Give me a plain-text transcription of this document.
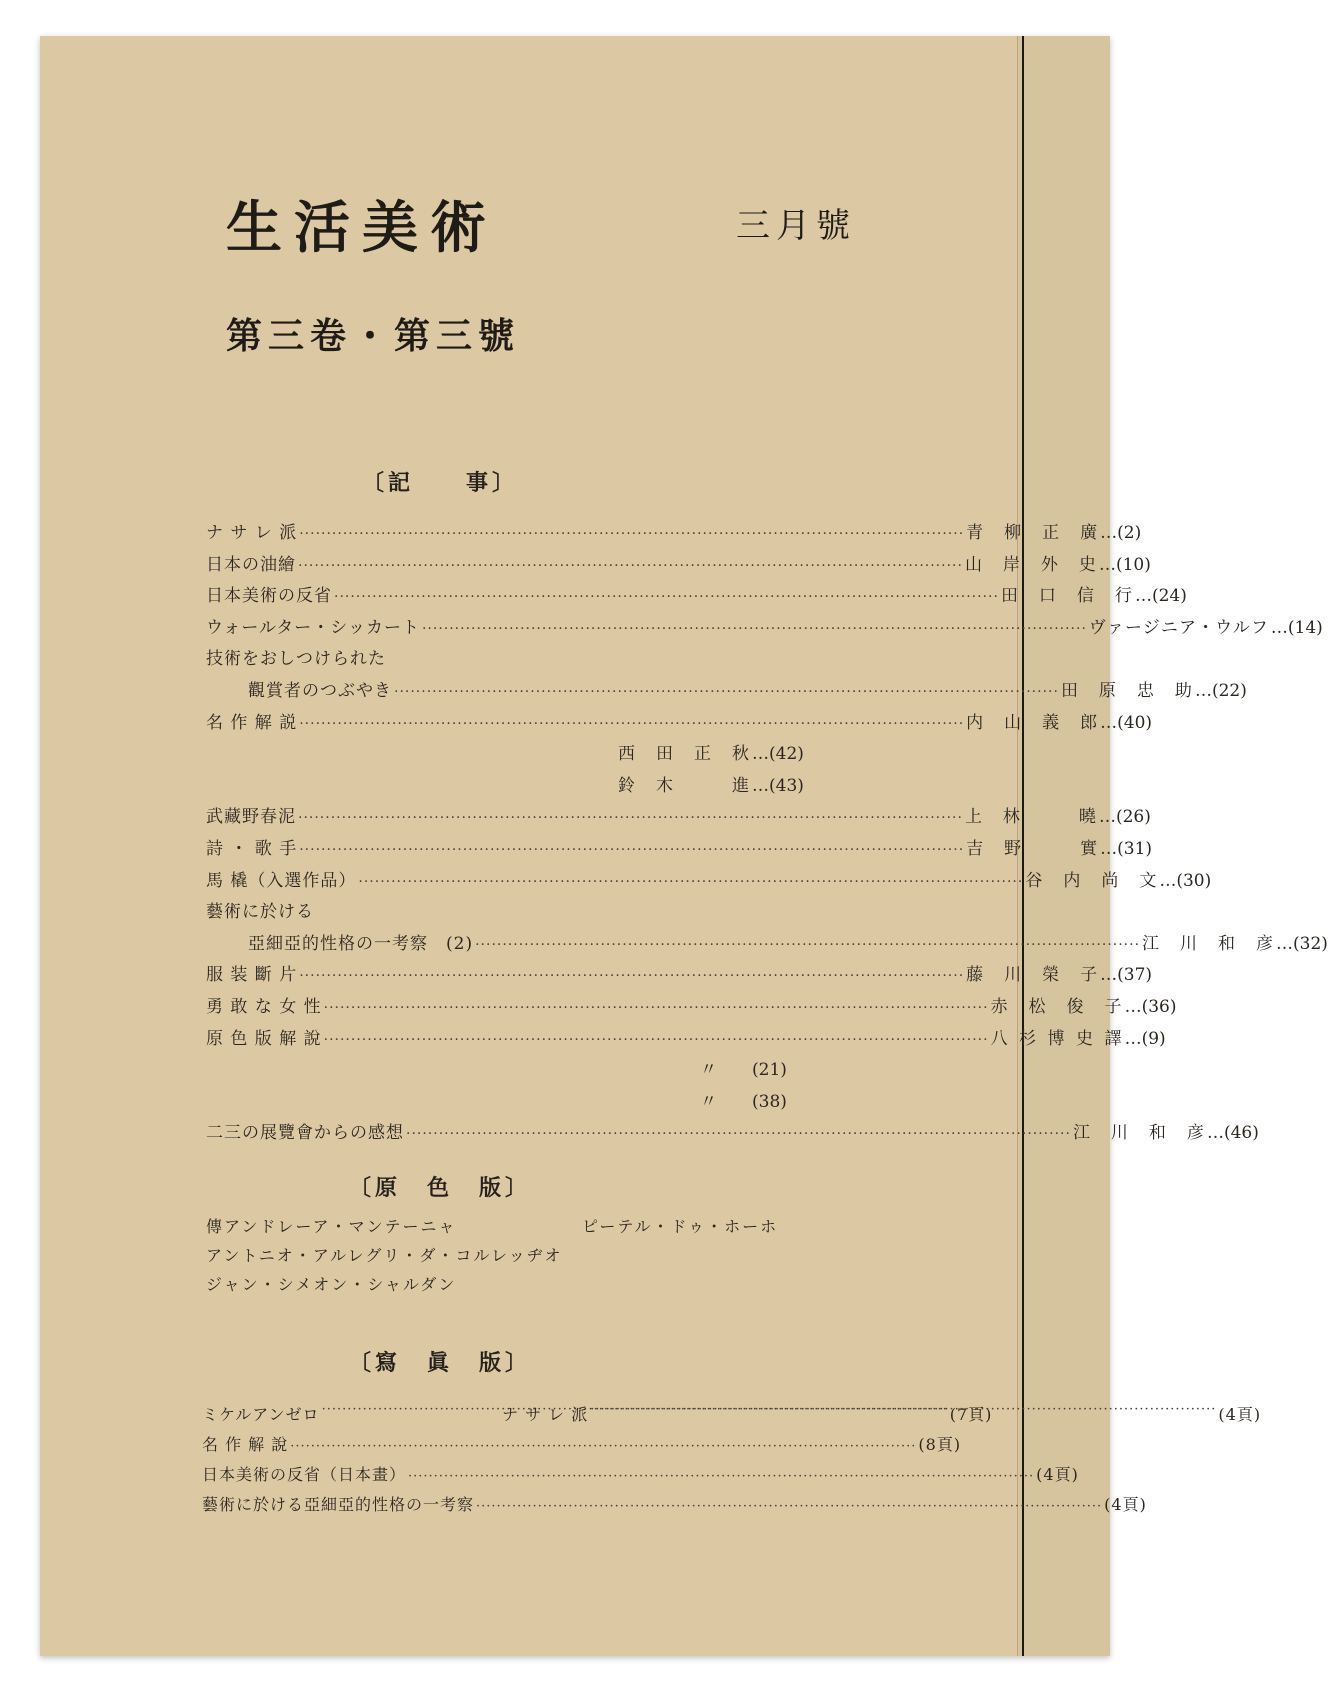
生活美術	三月號
第三卷・第三號
〔記　　事〕
ナ サ レ 派 ·····	青柳正廣 …(2)
日本の油繪 ·····	山岸外史 …(10)
日本美術の反省 ·····	田口信行 …(24)
ウォールター・シッカート ·····	ヴァージニア・ウルフ …(14)
技術をおしつけられた
觀賞者のつぶやき ·····	田原忠助 …(22)
名 作 解 説 ·····	内山義郎 …(40)
西田正秋 …(42)
鈴木　進 …(43)
武藏野春泥 ·····	上林　曉 …(26)
詩 ・ 歌 手 ·····	吉野　實 …(31)
馬 橇（入選作品） ·····	谷内尚文 …(30)
藝術に於ける
亞細亞的性格の一考察　(2) ·····	江川和彦 …(32)
服 装 斷 片 ·····	藤川榮子 …(37)
勇 敢 な 女 性 ·····	赤松俊子 …(36)
原 色 版 解 說 ·····	八杉博史譯 …(9)
〃	(21)
〃	(38)
二三の展覽會からの感想 ·····	江川和彦 …(46)
〔原　色　版〕
傳アンドレーア・マンテーニャ	ピーテル・ドゥ・ホーホ
アントニオ・アルレグリ・ダ・コルレッヂオ
ジャン・シメオン・シャルダン
〔寫　眞　版〕
ミケルアンゼロ ·····	(7頁)
ナ サ レ 派 ·····	(4頁)
名 作 解 說 ·····	(8頁)
日本美術の反省（日本畫） ·····	(4頁)
藝術に於ける亞細亞的性格の一考察 ·····	(4頁)
